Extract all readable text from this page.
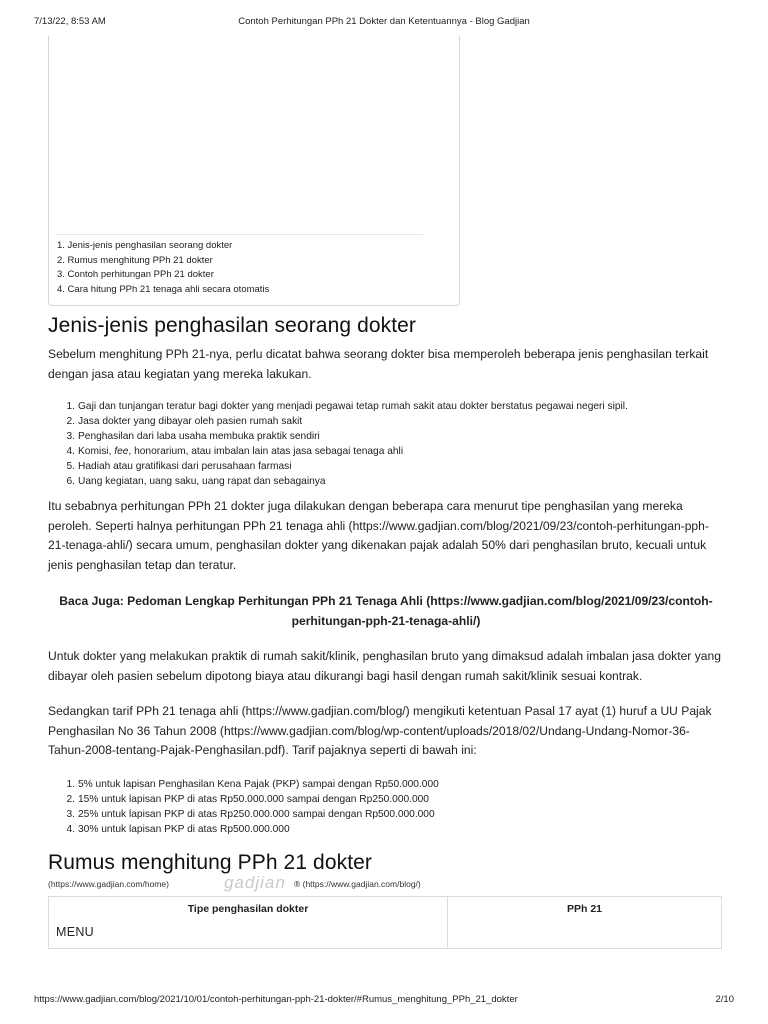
7/13/22, 8:53 AM	Contoh Perhitungan PPh 21 Dokter dan Ketentuannya - Blog Gadjian
1. Jenis-jenis penghasilan seorang dokter
2. Rumus menghitung PPh 21 dokter
3. Contoh perhitungan PPh 21 dokter
4. Cara hitung PPh 21 tenaga ahli secara otomatis
Jenis-jenis penghasilan seorang dokter

Sebelum menghitung PPh 21-nya, perlu dicatat bahwa seorang dokter bisa memperoleh beberapa jenis penghasilan terkait dengan jasa atau kegiatan yang mereka lakukan.

1. Gaji dan tunjangan teratur bagi dokter yang menjadi pegawai tetap rumah sakit atau dokter berstatus pegawai negeri sipil.
2. Jasa dokter yang dibayar oleh pasien rumah sakit
3. Penghasilan dari laba usaha membuka praktik sendiri
4. Komisi, fee, honorarium, atau imbalan lain atas jasa sebagai tenaga ahli
5. Hadiah atau gratifikasi dari perusahaan farmasi
6. Uang kegiatan, uang saku, uang rapat dan sebagainya

Itu sebabnya perhitungan PPh 21 dokter juga dilakukan dengan beberapa cara menurut tipe penghasilan yang mereka peroleh. Seperti halnya perhitungan PPh 21 tenaga ahli (https://www.gadjian.com/blog/2021/09/23/contoh-perhitungan-pph-21-tenaga-ahli/) secara umum, penghasilan dokter yang dikenakan pajak adalah 50% dari penghasilan bruto, kecuali untuk jenis penghasilan tetap dan teratur.

Baca Juga: Pedoman Lengkap Perhitungan PPh 21 Tenaga Ahli (https://www.gadjian.com/blog/2021/09/23/contoh-perhitungan-pph-21-tenaga-ahli/)

Untuk dokter yang melakukan praktik di rumah sakit/klinik, penghasilan bruto yang dimaksud adalah imbalan jasa dokter yang dibayar oleh pasien sebelum dipotong biaya atau dikurangi bagi hasil dengan rumah sakit/klinik sesuai kontrak.

Sedangkan tarif PPh 21 tenaga ahli (https://www.gadjian.com/blog/) mengikuti ketentuan Pasal 17 ayat (1) huruf a UU Pajak Penghasilan No 36 Tahun 2008 (https://www.gadjian.com/blog/wp-content/uploads/2018/02/Undang-Undang-Nomor-36-Tahun-2008-tentang-Pajak-Penghasilan.pdf). Tarif pajaknya seperti di bawah ini:

1. 5% untuk lapisan Penghasilan Kena Pajak (PKP) sampai dengan Rp50.000.000
2. 15% untuk lapisan PKP di atas Rp50.000.000 sampai dengan Rp250.000.000
3. 25% untuk lapisan PKP di atas Rp250.000.000 sampai dengan Rp500.000.000
4. 30% untuk lapisan PKP di atas Rp500.000.000
Rumus menghitung PPh 21 dokter
(https://www.gadjian.com/home)	gadjian ® (https://www.gadjian.com/blog/)
Tipe penghasilan dokter	PPh 21
MENU
https://www.gadjian.com/blog/2021/10/01/contoh-perhitungan-pph-21-dokter/#Rumus_menghitung_PPh_21_dokter	2/10
